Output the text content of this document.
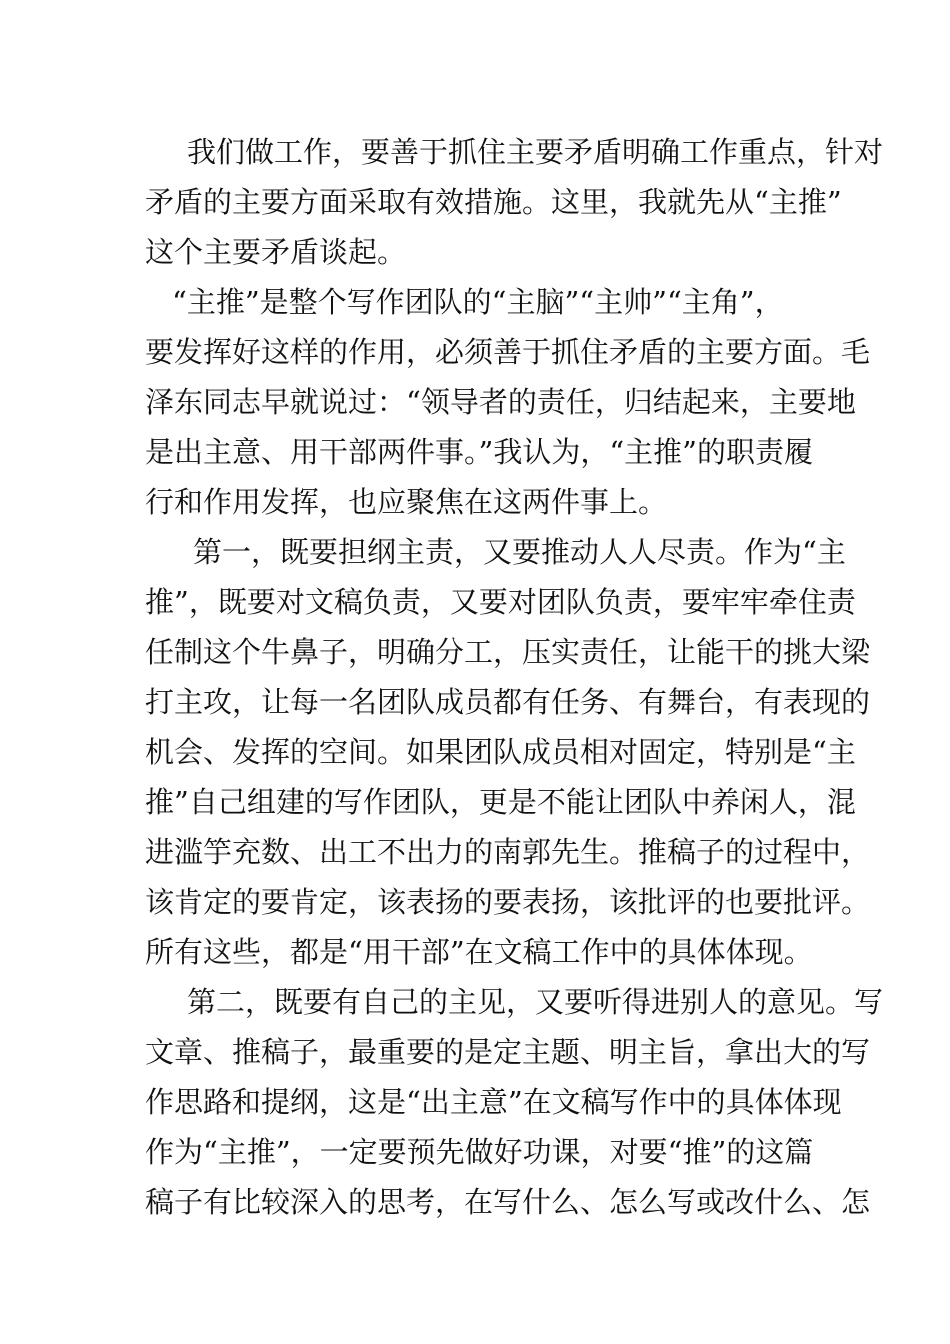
我们做工作，要善于抓住主要矛盾明确工作重点，针对
矛盾的主要方面采取有效措施。这里，我就先从“主推”
这个主要矛盾谈起。
“主推”是整个写作团队的“主脑”“主帅”“主角”，
要发挥好这样的作用，必须善于抓住矛盾的主要方面。毛
泽东同志早就说过：“领导者的责任，归结起来，主要地
是出主意、用干部两件事。”我认为，“主推”的职责履
行和作用发挥，也应聚焦在这两件事上。
第一，既要担纲主责，又要推动人人尽责。作为“主
推”，既要对文稿负责，又要对团队负责，要牢牢牵住责
任制这个牛鼻子，明确分工，压实责任，让能干的挑大梁
打主攻，让每一名团队成员都有任务、有舞台，有表现的
机会、发挥的空间。如果团队成员相对固定，特别是“主
推”自己组建的写作团队，更是不能让团队中养闲人，混
进滥竽充数、出工不出力的南郭先生。推稿子的过程中，
该肯定的要肯定，该表扬的要表扬，该批评的也要批评。
所有这些，都是“用干部”在文稿工作中的具体体现。
第二，既要有自己的主见，又要听得进别人的意见。写
文章、推稿子，最重要的是定主题、明主旨，拿出大的写
作思路和提纲，这是“出主意”在文稿写作中的具体体现
作为“主推”，一定要预先做好功课，对要“推”的这篇
稿子有比较深入的思考，在写什么、怎么写或改什么、怎
